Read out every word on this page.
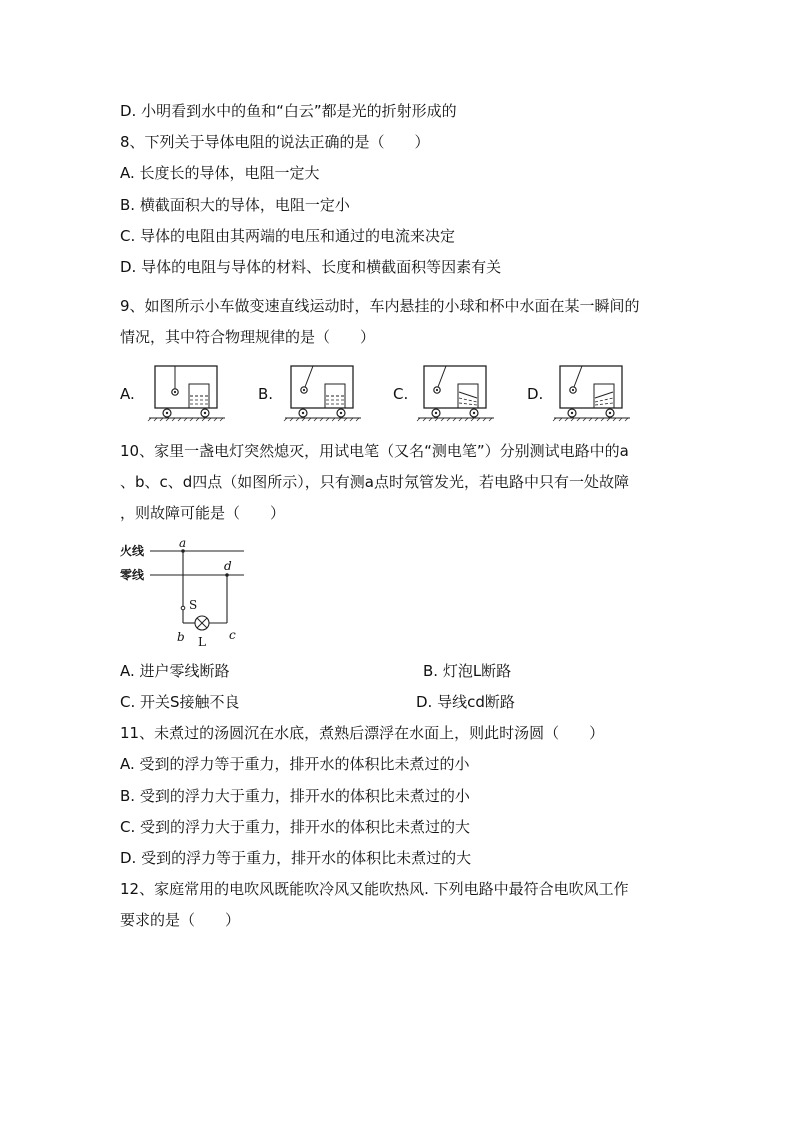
D. 小明看到水中的鱼和“白云”都是光的折射形成的
8、下列关于导体电阻的说法正确的是（　　）
A. 长度长的导体，电阻一定大
B. 横截面积大的导体，电阻一定小
C. 导体的电阻由其两端的电压和通过的电流来决定
D. 导体的电阻与导体的材料、长度和横截面积等因素有关
9、如图所示小车做变速直线运动时，车内悬挂的小球和杯中水面在某一瞬间的
情况，其中符合物理规律的是（　　）
A.	B.	C.	D.
10、家里一盏电灯突然熄灭，用试电笔（又名“测电笔”）分别测试电路中的a
、b、c、d四点（如图所示），只有测a点时氖管发光，若电路中只有一处故障
，则故障可能是（　　）
火线
零线
a
d
S
b	c
L
A. 进户零线断路	B. 灯泡L断路
C. 开关S接触不良	D. 导线cd断路
11、未煮过的汤圆沉在水底，煮熟后漂浮在水面上，则此时汤圆（　　）
A. 受到的浮力等于重力，排开水的体积比未煮过的小
B. 受到的浮力大于重力，排开水的体积比未煮过的小
C. 受到的浮力大于重力，排开水的体积比未煮过的大
D. 受到的浮力等于重力，排开水的体积比未煮过的大
12、家庭常用的电吹风既能吹冷风又能吹热风. 下列电路中最符合电吹风工作
要求的是（　　）
